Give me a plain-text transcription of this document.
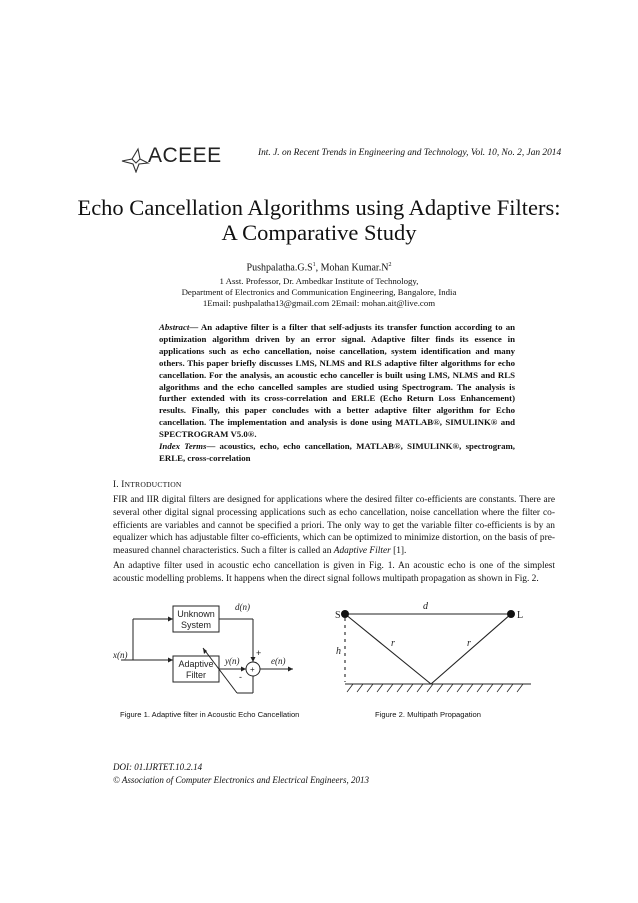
ACEEE	Int. J. on Recent Trends in Engineering and Technology, Vol. 10, No. 2, Jan 2014
Echo Cancellation Algorithms using Adaptive Filters:
A Comparative Study
$Pushpalatha.G.S^1$, Mohan $Kumar.N^2$
1 Asst. Professor, Dr. Ambedkar Institute of Technology,
Department of Electronics and Communication Engineering, Bangalore, India
1Email: pushpalatha13@gmail.com 2Email: mohan.ait@live.com
Abstract— An adaptive filter is a filter that self-adjusts its transfer function according to an optimization algorithm driven by an error signal. Adaptive filter finds its essence in applications such as echo cancellation, noise cancellation, system identification and many others. This paper briefly discusses LMS, NLMS and RLS adaptive filter algorithms for echo cancellation. For the analysis, an acoustic echo canceller is built using LMS, NLMS and RLS algorithms and the echo cancelled samples are studied using Spectrogram. The analysis is further extended with its cross-correlation and ERLE (Echo Return Loss Enhancement) results. Finally, this paper concludes with a better adaptive filter algorithm for Echo cancellation. The implementation and analysis is done using MATLAB®, SIMULINK® and SPECTROGRAM V5.0®.
Index Terms— acoustics, echo, echo cancellation, MATLAB®, SIMULINK®, spectrogram, ERLE, cross-correlation
I. INTRODUCTION
FIR and IIR digital filters are designed for applications where the desired filter co-efficients are constants. There are several other digital signal processing applications such as echo cancellation, noise cancellation where the filter co-efficients are variables and cannot be specified a priori. The only way to get the variable filter co-efficients is by an equalizer which has adjustable filter co-efficients, which can be optimized to minimize distortion, on the basis of pre-measured channel characteristics. Such a filter is called an Adaptive Filter [1].
An adaptive filter used in acoustic echo cancellation is given in Fig. 1. An acoustic echo is one of the simplest acoustic modelling problems. It happens when the direct signal follows multipath propagation as shown in Fig. 2.
Unknown
System
Adaptive
Filter
d(n)
x(n)
y(n)	e(n)
+
-
+
S	L
d
r	r
h
Figure 1. Adaptive filter in Acoustic Echo Cancellation	Figure 2. Multipath Propagation
DOI: 01.IJRTET.10.2.14
© Association of Computer Electronics and Electrical Engineers, 2013
